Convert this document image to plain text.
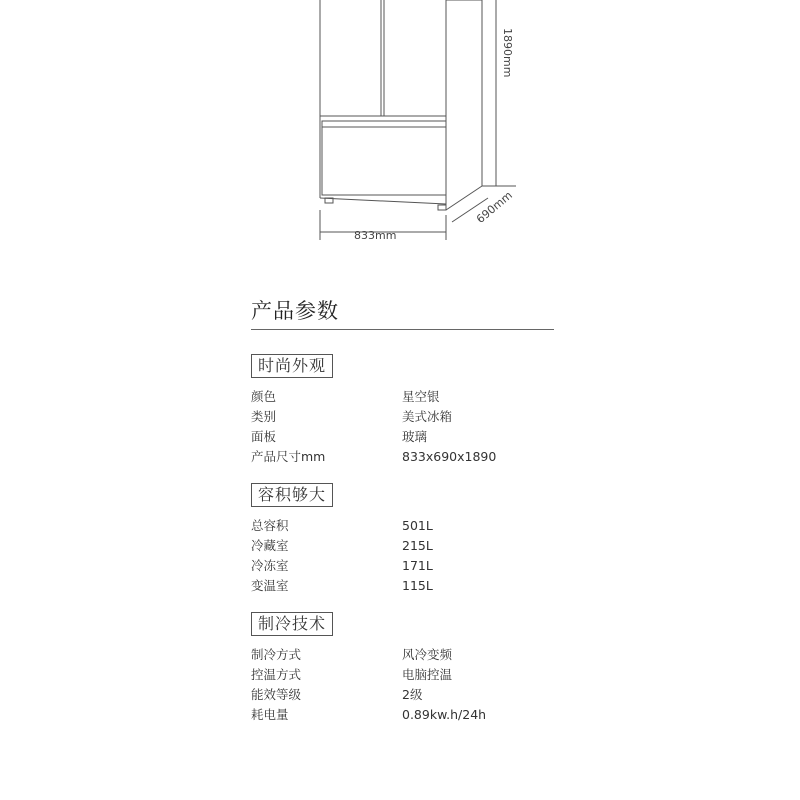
833mm
1890mm
690mm
产品参数
时尚外观
颜色	星空银
类别	美式冰箱
面板	玻璃
产品尺寸mm	833x690x1890
容积够大
总容积	501L
冷藏室	215L
冷冻室	171L
变温室	115L
制冷技术
制冷方式	风冷变频
控温方式	电脑控温
能效等级	2级
耗电量	0.89kw.h/24h
